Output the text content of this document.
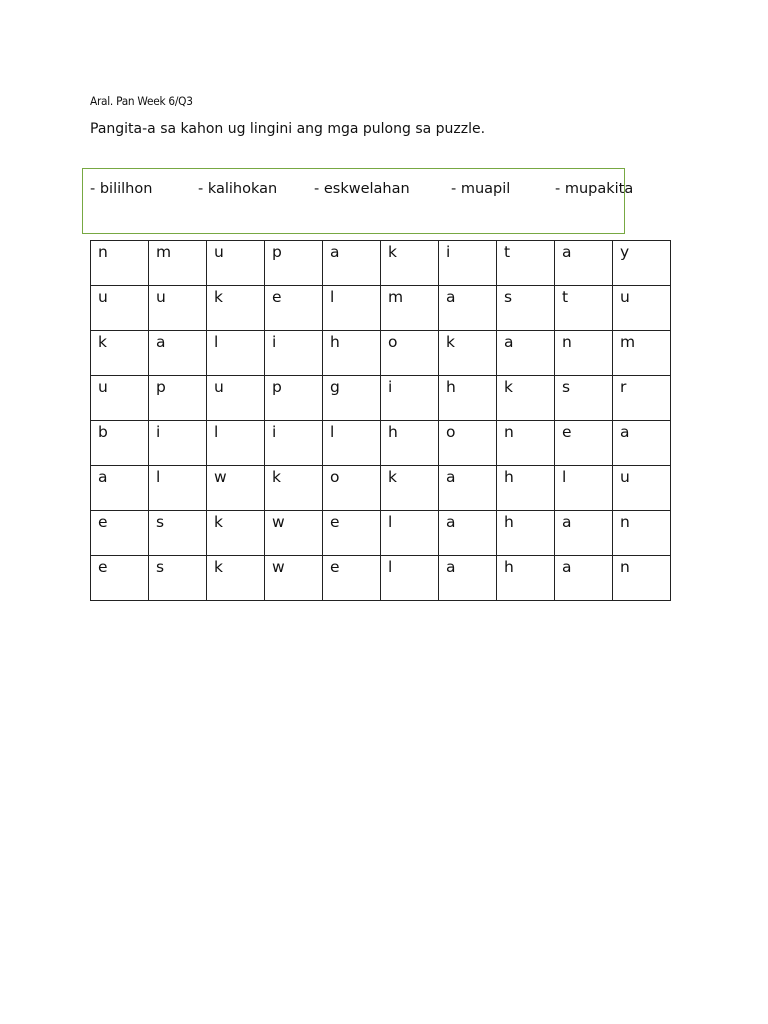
Aral. Pan Week 6/Q3
Pangita-a sa kahon ug lingini ang mga pulong sa puzzle.
- bililhon	- kalihokan	- eskwelahan	- muapil	- mupakita
n	m	u	p	a	k	i	t	a	y

u	u	k	e	l	m	a	s	t	u

k	a	l	i	h	o	k	a	n	m

u	p	u	p	g	i	h	k	s	r

b	i	l	i	l	h	o	n	e	a

a	l	w	k	o	k	a	h	l	u

e	s	k	w	e	l	a	h	a	n

e	s	k	w	e	l	a	h	a	n
